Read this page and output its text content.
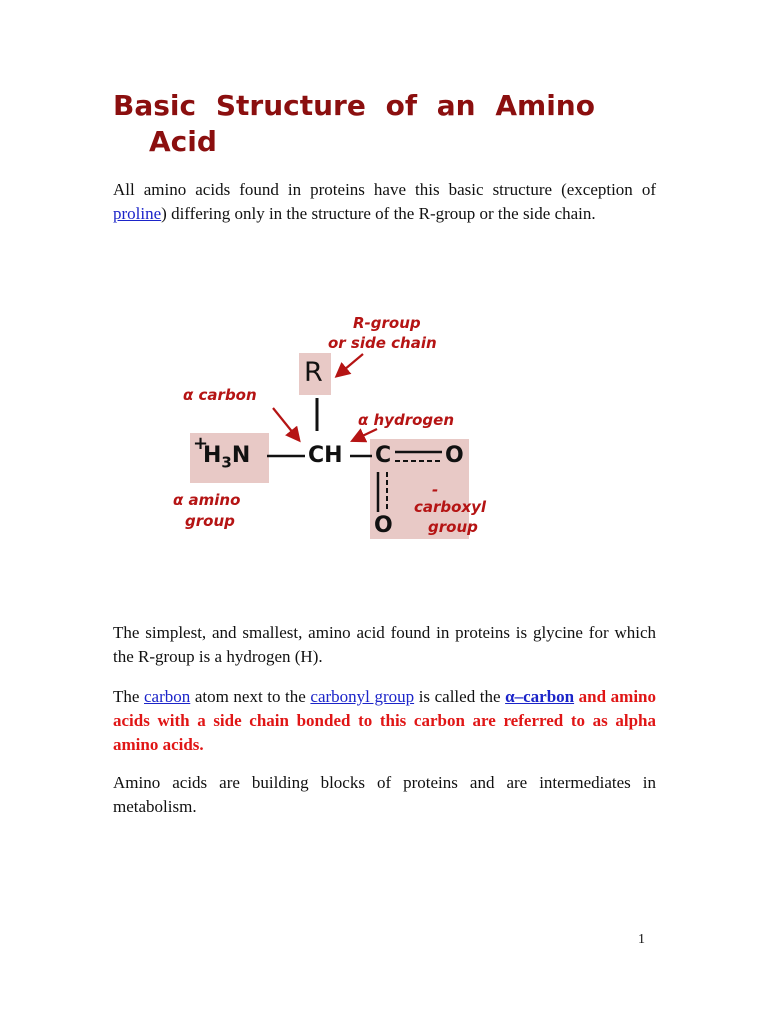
Basic Structure of an Amino
Acid

All amino acids found in proteins have this basic structure (exception of proline) differing only in the structure of the R-group or the side chain.

R-group

or side chain

α carbon

α hydrogen

α amino

group

-

carboxyl

group

R

+

$H_3N$	CH C O

O

The simplest, and smallest, amino acid found in proteins is glycine for which the R-group is a hydrogen (H).

The carbon atom next to the carbonyl group is called the α–carbon and amino acids with a side chain bonded to this carbon are referred to as alpha amino acids.

Amino acids are building blocks of proteins and are intermediates in metabolism.

1
